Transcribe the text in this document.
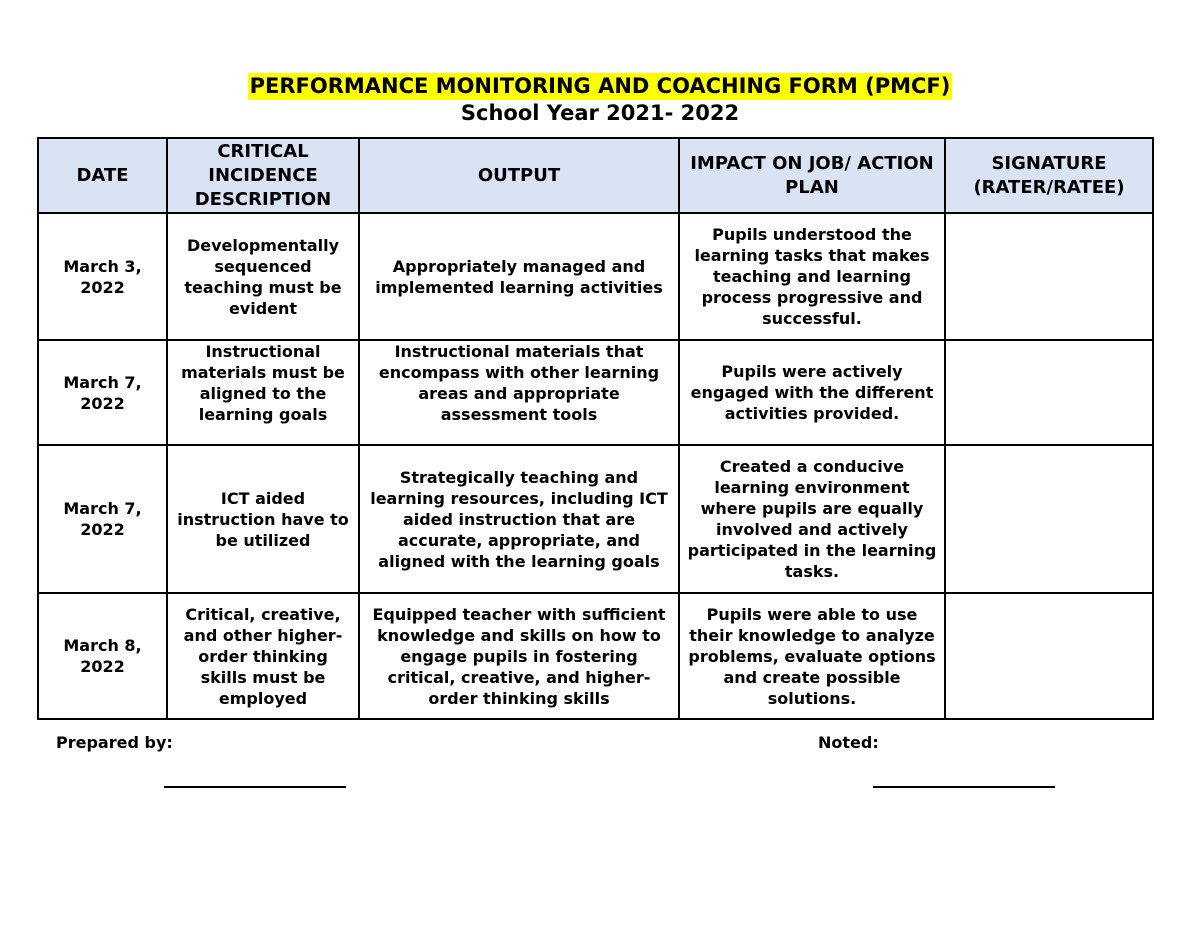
PERFORMANCE MONITORING AND COACHING FORM (PMCF)
School Year 2021- 2022
DATE	CRITICAL INCIDENCE DESCRIPTION	OUTPUT	IMPACT ON JOB/ ACTION PLAN	SIGNATURE (RATER/RATEE)
March 3, 2022	Developmentally sequenced teaching must be evident	Appropriately managed and implemented learning activities	Pupils understood the learning tasks that makes teaching and learning process progressive and successful.	
March 7, 2022	Instructional materials must be aligned to the learning goals	Instructional materials that encompass with other learning areas and appropriate assessment tools	Pupils were actively engaged with the different activities provided.	
March 7, 2022	ICT aided instruction have to be utilized	Strategically teaching and learning resources, including ICT aided instruction that are accurate, appropriate, and aligned with the learning goals	Created a conducive learning environment where pupils are equally involved and actively participated in the learning tasks.	
March 8, 2022	Critical, creative, and other higher-order thinking skills must be employed	Equipped teacher with sufficient knowledge and skills on how to engage pupils in fostering critical, creative, and higher-order thinking skills	Pupils were able to use their knowledge to analyze problems, evaluate options and create possible solutions.	
Prepared by:	Noted:
